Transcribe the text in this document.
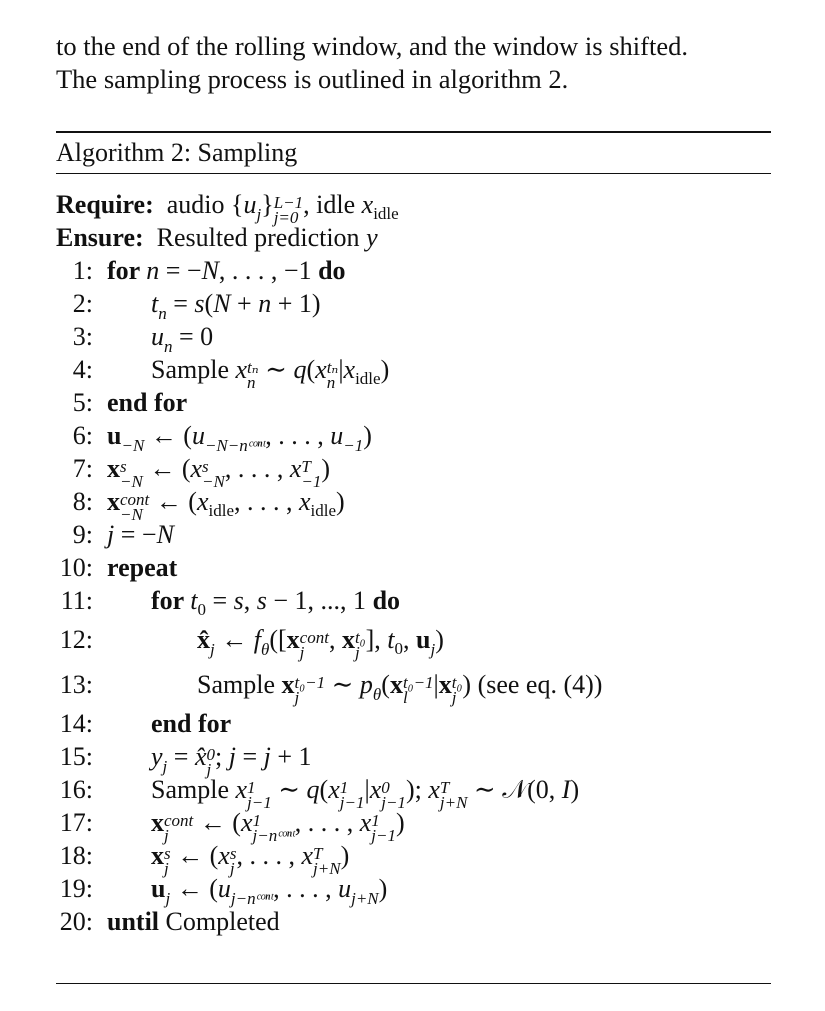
to the end of the rolling window, and the window is shifted.
The sampling process is outlined in algorithm 2.
Algorithm 2: Sampling
Require:  audio $\{u_j\}$ L−1
j=0 , idle $x_{idle}$
Ensure:  Resulted prediction y
1: for n = −N, . . . , −1 do
2:	$t_n = s(N + n + 1)$
3:	$u_n = 0$
4:	Sample x tₙ
n ∼ q(x tₙ
n $|x_{idle}$)
5: end for
6: $u_{-N}$ ← ($u_{-N-nᶜᵒ^nᵗ}$, . . . , $u_{-1}$)
7: x s
−N ← (x s
−N , . . . , x T
−1 )
8: x cont
−N ← ($x_{idle}$, . . . , $x_{idle}$)
9: j = −N
10: repeat
11:	for $t_0 = s$, s − 1, ..., 1 do
12:	$x̂_j$ ← $f_\theta([x$ cont
j , x t₀
j ], $t_0$, $u_j$)
13:	Sample x t₀−1
j ∼ $p_\theta(x$ t₀−1
l |x t₀
j ) (see eq. (4))
14:	end for
15:	$y_j$ = x̂ 0
j ; j = j + 1
16:	Sample x 1
j−1 ∼ q(x 1
j−1 |x 0
j−1 ); x T
j+N ∼ 𝒩(0, I)
17:	x cont
j ← (x 1
j−nᶜᵒⁿᵗ , . . . , x 1
j−1 )
18:	x s
j ← (x s
j , . . . , x T
j+N )
19:	$u_j$ ← ($u_{j-nᶜᵒ^nᵗ}$, . . . , $u_{j+N}$)
20: until Completed
